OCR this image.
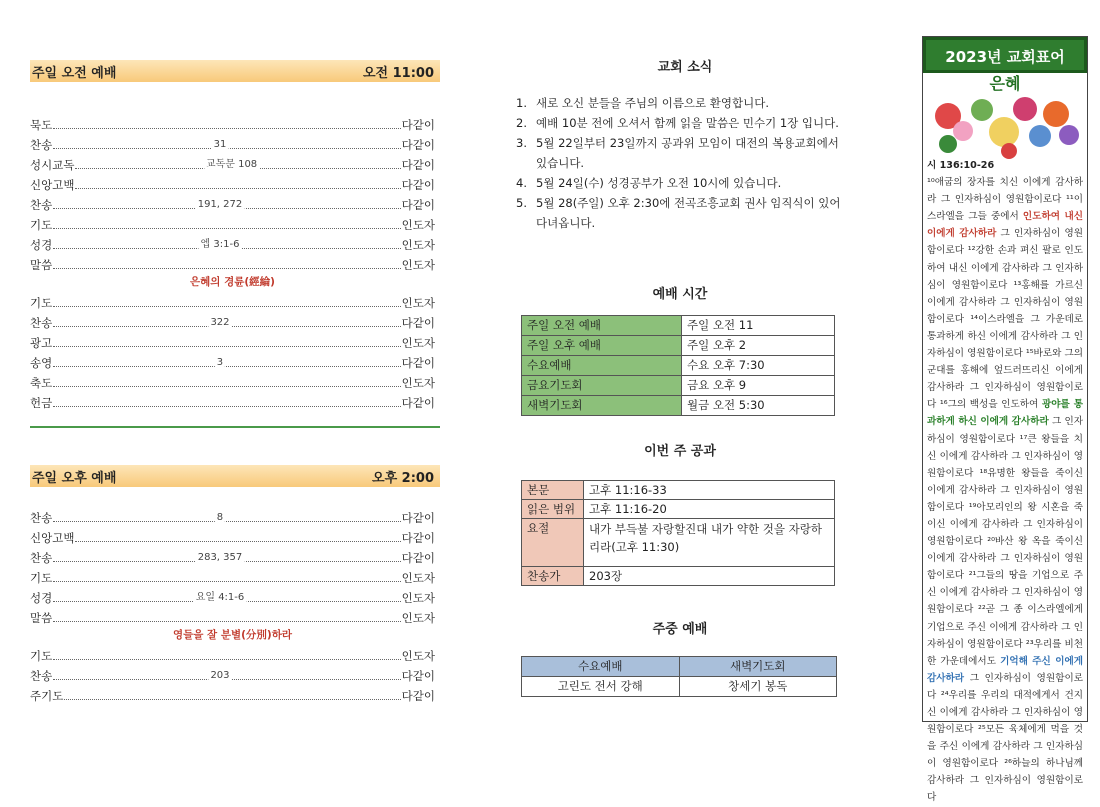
주일 오전 예배	오전 11:00
묵도	다같이
찬송	31	다같이
성시교독	교독문 108	다같이
신앙고백	다같이
찬송	191, 272	다같이
기도	인도자
성경	엡 3:1-6	인도자
말씀	인도자
은혜의 경륜(經綸)
기도	인도자
찬송	322	다같이
광고	인도자
송영	3	다같이
축도	인도자
헌금	다같이
주일 오후 예배	오후 2:00
찬송	8	다같이
신앙고백	다같이
찬송	283, 357	다같이
기도	인도자
성경	요일 4:1-6	인도자
말씀	인도자
영들을 잘 분별(分別)하라
기도	인도자
찬송	203	다같이
주기도	다같이
교회 소식
1. 새로 오신 분들을 주님의 이름으로 환영합니다.
2. 예배 10분 전에 오셔서 함께 읽을 말씀은 민수기 1장 입니다.
3. 5월 22일부터 23일까지 공과위 모임이 대전의 복용교회에서 있습니다.
4. 5월 24일(수) 성경공부가 오전 10시에 있습니다.
5. 5월 28(주일) 오후 2:30에 전곡조흥교회 권사 임직식이 있어 다녀옵니다.
예배 시간
주일 오전 예배	주일 오전 11
주일 오후 예배	주일 오후 2
수요예배	수요 오후 7:30
금요기도회	금요 오후 9
새벽기도회	월금 오전 5:30
이번 주 공과
본문	고후 11:16-33
읽은 범위	고후 11:16-20
요절	내가 부득불 자랑할진대 내가 약한 것을 자랑하리라(고후 11:30)
찬송가	203장
주중 예배
수요예배	새벽기도회
고린도 전서 강해	창세기 봉독
2023년 교회표어
은혜
시 136:10-26
¹⁰애굽의 장자를 치신 이에게 감사하라 그 인자하심이 영원함이로다 ¹¹이스라엘을 그들 중에서 인도하여 내신 이에게 감사하라 그 인자하심이 영원함이로다 ¹²강한 손과 펴신 팔로 인도하여 내신 이에게 감사하라 그 인자하심이 영원함이로다 ¹³홍해를 가르신 이에게 감사하라 그 인자하심이 영원함이로다 ¹⁴이스라엘을 그 가운데로 통과하게 하신 이에게 감사하라 그 인자하심이 영원함이로다 ¹⁵바로와 그의 군대를 홍해에 엎드러뜨리신 이에게 감사하라 그 인자하심이 영원함이로다 ¹⁶그의 백성을 인도하여 광야를 통과하게 하신 이에게 감사하라 그 인자하심이 영원함이로다 ¹⁷큰 왕들을 치신 이에게 감사하라 그 인자하심이 영원함이로다 ¹⁸유명한 왕들을 죽이신 이에게 감사하라 그 인자하심이 영원함이로다 ¹⁹아모리인의 왕 시혼을 죽이신 이에게 감사하라 그 인자하심이 영원함이로다 ²⁰바산 왕 옥을 죽이신 이에게 감사하라 그 인자하심이 영원함이로다 ²¹그들의 땅을 기업으로 주신 이에게 감사하라 그 인자하심이 영원함이로다 ²²곧 그 종 이스라엘에게 기업으로 주신 이에게 감사하라 그 인자하심이 영원함이로다 ²³우리를 비천한 가운데에서도 기억해 주신 이에게 감사하라 그 인자하심이 영원함이로다 ²⁴우리를 우리의 대적에게서 건지신 이에게 감사하라 그 인자하심이 영원함이로다 ²⁵모든 육체에게 먹을 것을 주신 이에게 감사하라 그 인자하심이 영원함이로다 ²⁶하늘의 하나님께 감사하라 그 인자하심이 영원함이로다
